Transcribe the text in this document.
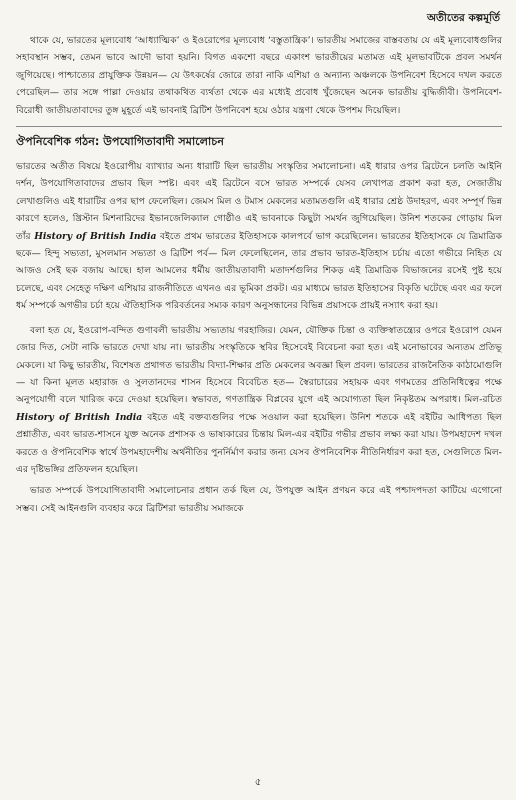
অতীতের কল্পমূর্তি

থাকে যে, ভারতের মূল্যবোধ ‘আধ্যাত্মিক’ ও ইওরোপের মূল্যবোধ ‘বস্তুতান্ত্রিক’। ভারতীয় সমাজের বাস্তবতায় যে এই মূল্যবোধগুলির সহাবস্থান সম্ভব, তেমন ভাবে আদৌ ভাবা হয়নি। বিগত একশো বছরে একাংশ ভারতীয়ের মতামত এই মূলভাবটিকে প্রবল সমর্থন জুগিয়েছে। পাশ্চাত্যের প্রাযুক্তিক উন্নয়ন— যে উৎকর্ষের জোরে তারা নাকি এশিয়া ও অন্যান্য অঞ্চলকে উপনিবেশ হিসেবে দখল করতে পেরেছিল— তার সঙ্গে পাল্লা দেওয়ার তথাকথিত ব্যর্থতা থেকে এর মধ্যেই প্রবোধ খুঁজেছেন অনেক ভারতীয় বুদ্ধিজীবী। উপনিবেশ-বিরোধী জাতীয়তাবাদের তুঙ্গ মুহূর্তে এই ভাবনাই ব্রিটিশ উপনিবেশ হয়ে ওঠার যন্ত্রণা থেকে উপশম দিয়েছিল।

ঔপনিবেশিক গঠন: উপযোগিতাবাদী সমালোচন

ভারতের অতীত বিষয়ে ইওরোপীয় ব্যাখ্যার অন্য ধারাটি ছিল ভারতীয় সংস্কৃতির সমালোচনা। এই ধারার ওপর ব্রিটেনে চলতি আইনি দর্শন, উপযোগিতাবাদের প্রভাব ছিল স্পষ্ট। এবং এই ব্রিটেনে বসে ভারত সম্পর্কে যেসব লেখাপত্র প্রকাশ করা হত, সেজাতীয় লেখাগুলিও এই ধারাটির ওপর ছাপ ফেলেছিল। জেমস মিল ও টমাস মেকলের মতামতগুলি এই ধারার শ্রেষ্ঠ উদাহরণ, এবং সম্পূর্ণ ভিন্ন কারণে হলেও, খ্রিস্টান মিশনারিদের ইভানজেলিক্যাল গোষ্ঠীও এই ভাবনাকে কিছুটা সমর্থন জুগিয়েছিল। উনিশ শতকের গোড়ায় মিল তাঁর History of British India বইতে প্রথম ভারতের ইতিহাসকে কালপর্বে ভাগ করেছিলেন। ভারতের ইতিহাসকে যে ত্রিমাত্রিক ছকে— হিন্দু সভ্যতা, মুসলমান সভ্যতা ও ব্রিটিশ পর্ব— মিল ফেলেছিলেন, তার প্রভাব ভারত-ইতিহাস চর্চায় এতো গভীরে নিহিত যে আজও সেই ছক বজায় আছে। হাল আমলের ধর্মীয় জাতীয়তাবাদী মতাদর্শগুলির শিকড় এই ত্রিমাত্রিক বিভাজনের রসেই পুষ্ট হয়ে চলেছে, এবং সেহেতু দক্ষিণ এশিয়ার রাজনীতিতে এখনও এর ভূমিকা প্রকট। এর মাধ্যমে ভারত ইতিহাসের বিকৃতি ঘটেছে এবং এর ফলে ধর্ম সম্পর্কে অগভীর চর্চা হয়ে ঐতিহাসিক পরিবর্তনের সম্যক কারণ অনুসন্ধানের বিভিন্ন প্রয়াসকে প্রায়ই নস্যাৎ করা হয়।

বলা হত যে, ইওরোপ-বন্দিত গুণাবলী ভারতীয় সভ্যতায় গরহাজির। যেমন, যৌক্তিক চিন্তা ও ব্যক্তিস্বাতন্ত্র্যের ওপরে ইওরোপ যেমন জোর দিত, সেটা নাকি ভারতে দেখা যায় না। ভারতীয় সংস্কৃতিকে স্থবির হিসেবেই বিবেচনা করা হত। এই মনোভাবের অন্যতম প্রতিভূ মেকলে। যা কিছু ভারতীয়, বিশেষত প্রথাগত ভারতীয় বিদ্যা-শিক্ষার প্রতি মেকলের অবজ্ঞা ছিল প্রবল। ভারতের রাজনৈতিক কাঠামোগুলি— যা কিনা মূলত মহারাজ ও সুলতানদের শাসন হিসেবে বিবেচিত হত— স্বৈরাচারের সহায়ক এবং গণমতের প্রতিনিধিত্বের পক্ষে অনুপযোগী বলে খারিজ করে দেওয়া হয়েছিল। স্বভাবত, গণতান্ত্রিক বিপ্লবের যুগে এই অযোগ্যতা ছিল নিকৃষ্টতম অপরাধ। মিল-রচিত History of British India বইতে এই বক্তব্যগুলির পক্ষে সওয়াল করা হয়েছিল। উনিশ শতকে এই বইটির আধিপত্য ছিল প্রশ্নাতীত, এবং ভারত-শাসনে যুক্ত অনেক প্রশাসক ও ভাষ্যকারের চিন্তায় মিল-এর বইটির গভীর প্রভাব লক্ষ্য করা যায়। উপমহাদেশ দখল করতে ও ঔপনিবেশিক স্বার্থে উপমহাদেশীয় অর্থনীতির পুনর্নির্মাণ করার জন্য যেসব ঔপনিবেশিক নীতিনির্ধারণ করা হত, সেগুলিতে মিল-এর দৃষ্টিভঙ্গির প্রতিফলন হয়েছিল।

ভারত সম্পর্কে উপযোগিতাবাদী সমালোচনার প্রধান তর্ক ছিল যে, উপযুক্ত আইন প্রণয়ন করে এই পশ্চাদপদতা কাটিয়ে এগোনো সম্ভব। সেই আইনগুলি ব্যবহার করে ব্রিটিশরা ভারতীয় সমাজকে

৫
